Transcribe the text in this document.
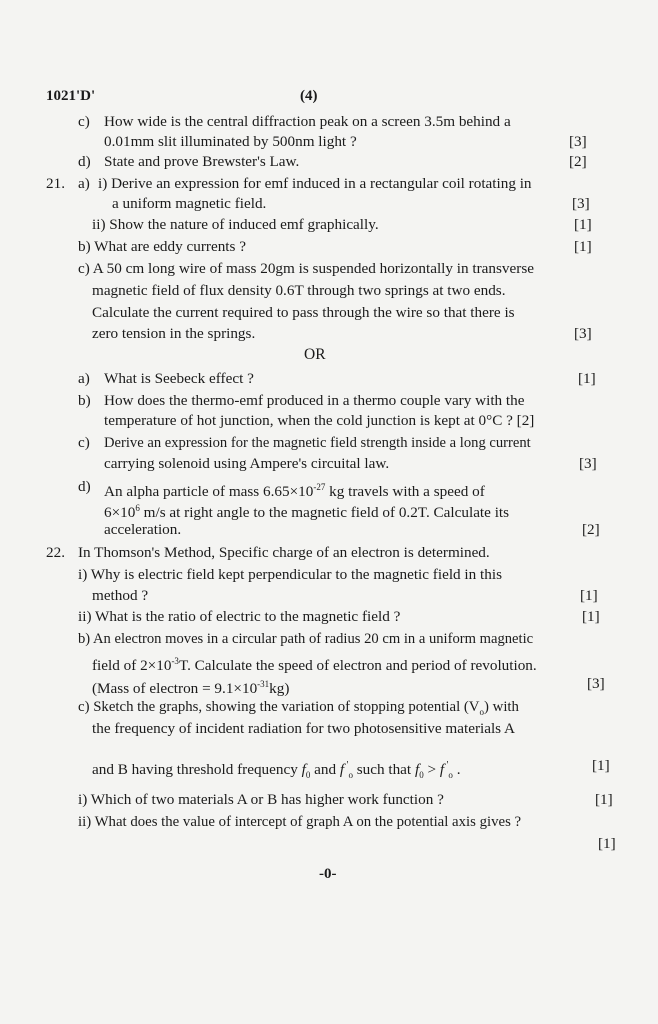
1021'D'	(4)
c) How wide is the central diffraction peak on a screen 3.5m behind a
0.01mm slit illuminated by 500nm light ?	[3]
d) State and prove Brewster's Law.	[2]
21. a) i) Derive an expression for emf induced in a rectangular coil rotating in
a uniform magnetic field.	[3]
ii) Show the nature of induced emf graphically.	[1]
b) What are eddy currents ?	[1]
c) A 50 cm long wire of mass 20gm is suspended horizontally in transverse
magnetic field of flux density 0.6T through two springs at two ends.
Calculate the current required to pass through the wire so that there is
zero tension in the springs.	[3]
OR
a) What is Seebeck effect ?	[1]
b) How does the thermo-emf produced in a thermo couple vary with the
temperature of hot junction, when the cold junction is kept at 0°C ? [2]
c) Derive an expression for the magnetic field strength inside a long current
carrying solenoid using Ampere's circuital law.	[3]
d) An alpha particle of mass $6.65\times 10^{-27}$ kg travels with a speed of
$6\times 10^6$ m/s at right angle to the magnetic field of 0.2T. Calculate its
acceleration.	[2]
22. In Thomson's Method, Specific charge of an electron is determined.
i) Why is electric field kept perpendicular to the magnetic field in this
method ?	[1]
ii) What is the ratio of electric to the magnetic field ?	[1]
b) An electron moves in a circular path of radius 20 cm in a uniform magnetic
field of $2\times 10^{-3}T$. Calculate the speed of electron and period of revolution.
(Mass of electron = $9.1\times 10^{-31}kg$)	[3]
c) Sketch the graphs, showing the variation of stopping potential $(V_o)$ with
the frequency of incident radiation for two photosensitive materials A
and B having threshold frequency $f_0$ and f '$_o$ such that $f_0 > f$ '$_o$ .	[1]
i) Which of two materials A or B has higher work function ?	[1]
ii) What does the value of intercept of graph A on the potential axis gives ?
[1]
-0-
